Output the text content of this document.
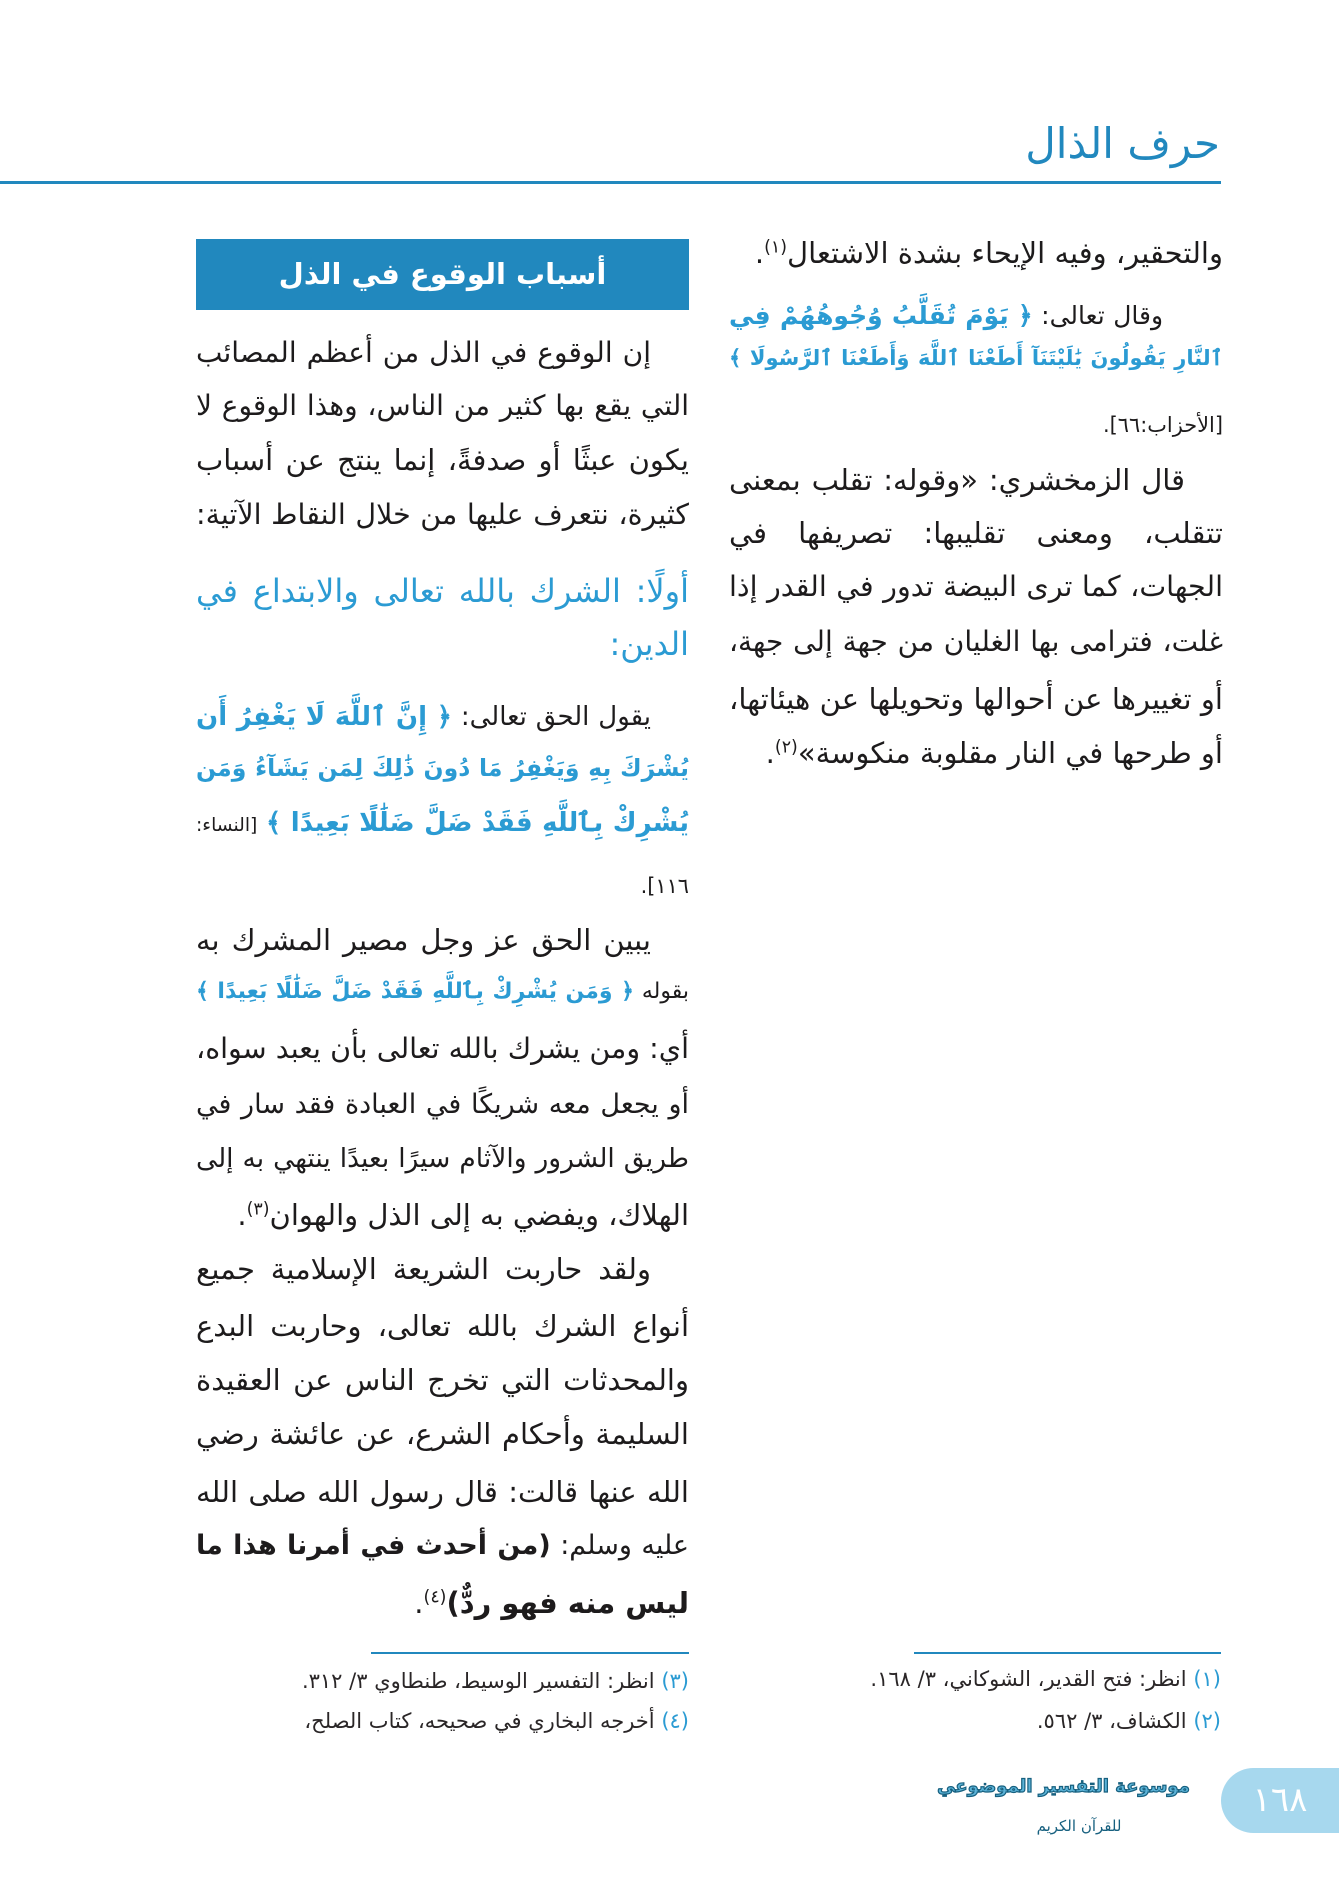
حرف الذال
والتحقير، وفيه الإيحاء بشدة الاشتعال$^{(١)}$.
وقال تعالى: ﴿ يَوْمَ تُقَلَّبُ وُجُوهُهُمْ فِي
ٱلنَّارِ يَقُولُونَ يَٰلَيْتَنَآ أَطَعْنَا ٱللَّهَ وَأَطَعْنَا ٱلرَّسُولَا ﴾
[الأحزاب:٦٦].
قال الزمخشري: «وقوله: تقلب بمعنى
تتقلب، ومعنى تقليبها: تصريفها في
الجهات، كما ترى البيضة تدور في القدر إذا
غلت، فترامى بها الغليان من جهة إلى جهة،
أو تغييرها عن أحوالها وتحويلها عن هيئاتها،
أو طرحها في النار مقلوبة منكوسة»$^{(٢)}$.
أسباب الوقوع في الذل
إن الوقوع في الذل من أعظم المصائب
التي يقع بها كثير من الناس، وهذا الوقوع لا
يكون عبثًا أو صدفةً، إنما ينتج عن أسباب
كثيرة، نتعرف عليها من خلال النقاط الآتية:
أولًا: الشرك بالله تعالى والابتداع في
الدين:
يقول الحق تعالى: ﴿ إِنَّ ٱللَّهَ لَا يَغْفِرُ أَن
يُشْرَكَ بِهِ وَيَغْفِرُ مَا دُونَ ذَٰلِكَ لِمَن يَشَآءُ وَمَن
يُشْرِكْ بِٱللَّهِ فَقَدْ ضَلَّ ضَلَٰلًا بَعِيدًا ﴾ [النساء:
١١٦].
يبين الحق عز وجل مصير المشرك به
بقوله ﴿ وَمَن يُشْرِكْ بِٱللَّهِ فَقَدْ ضَلَّ ضَلَٰلًا بَعِيدًا ﴾
أي: ومن يشرك بالله تعالى بأن يعبد سواه،
أو يجعل معه شريكًا في العبادة فقد سار في
طريق الشرور والآثام سيرًا بعيدًا ينتهي به إلى
الهلاك، ويفضي به إلى الذل والهوان$^{(٣)}$.
ولقد حاربت الشريعة الإسلامية جميع
أنواع الشرك بالله تعالى، وحاربت البدع
والمحدثات التي تخرج الناس عن العقيدة
السليمة وأحكام الشرع، عن عائشة رضي
الله عنها قالت: قال رسول الله صلى الله
عليه وسلم: (من أحدث في أمرنا هذا ما
ليس منه فهو ردٌّ)$^{(٤)}$.
(١) انظر: فتح القدير، الشوكاني، ٣/ ١٦٨.
(٢) الكشاف، ٣/ ٥٦٢.
(٣) انظر: التفسير الوسيط، طنطاوي ٣/ ٣١٢.
(٤) أخرجه البخاري في صحيحه، كتاب الصلح،
موسوعة التفسير الموضوعي
للقرآن الكريم
١٦٨
